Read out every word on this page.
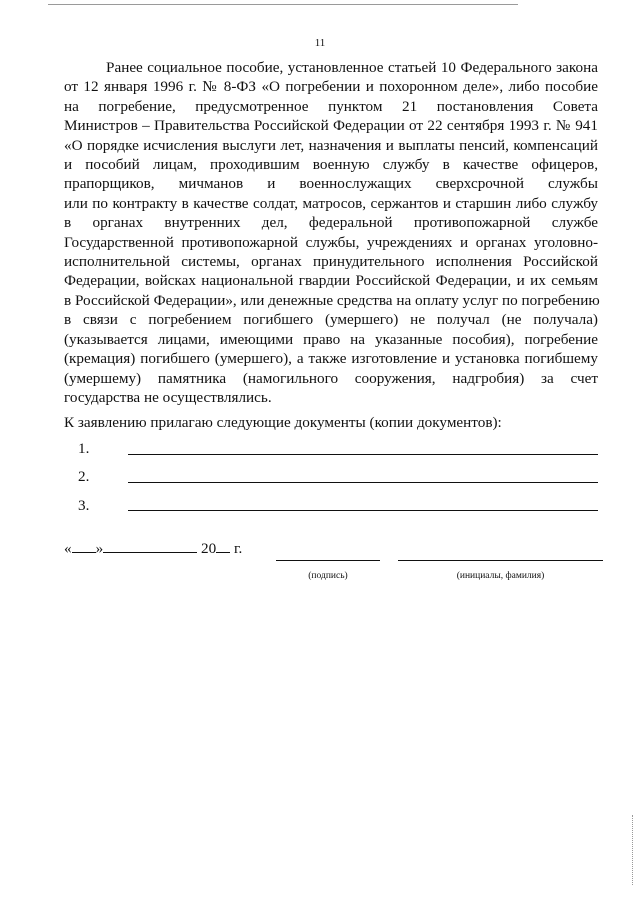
11

Ранее социальное пособие, установленное статьей 10 Федерального закона
от 12 января 1996 г. № 8-ФЗ «О погребении и похоронном деле», либо пособие
на погребение, предусмотренное пунктом 21 постановления Совета
Министров – Правительства Российской Федерации от 22 сентября 1993 г. № 941
«О порядке исчисления выслуги лет, назначения и выплаты пенсий, компенсаций
и пособий лицам, проходившим военную службу в качестве офицеров,
прапорщиков, мичманов и военнослужащих сверхсрочной службы
или по контракту в качестве солдат, матросов, сержантов и старшин либо службу
в органах внутренних дел, федеральной противопожарной службе
Государственной противопожарной службы, учреждениях и органах уголовно-
исполнительной системы, органах принудительного исполнения Российской
Федерации, войсках национальной гвардии Российской Федерации, и их семьям
в Российской Федерации», или денежные средства на оплату услуг по погребению
в связи с погребением погибшего (умершего) не получал (не получала)
(указывается лицами, имеющими право на указанные пособия), погребение
(кремация) погибшего (умершего), а также изготовление и установка погибшему
(умершему) памятника (намогильного сооружения, надгробия) за счет
государства не осуществлялись.

К заявлению прилагаю следующие документы (копии документов):
1.
2.
3.
« »	20 г.
(подпись)	(инициалы, фамилия)
